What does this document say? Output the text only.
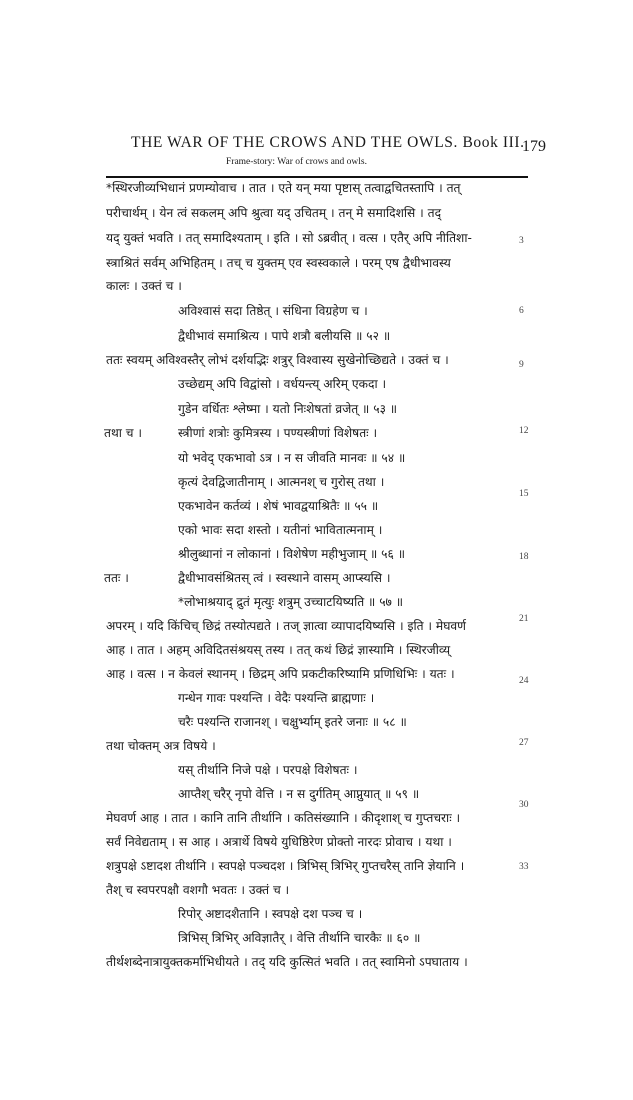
THE WAR OF THE CROWS AND THE OWLS. Book III.
179
Frame-story: War of crows and owls.
*स्थिरजीव्यभिधानं प्रणम्योवाच । तात । एते यन् मया पृष्टास् तत्वाद्वचितस्तापि । तत्
परीचार्थम् । येन त्वं सकलम् अपि श्रुत्वा यद् उचितम् । तन् मे समादिशसि । तद्
यद् युक्तं भवति । तत् समादिश्यताम् । इति । सो ऽब्रवीत् । वत्स । एतैर् अपि नीतिशा-
स्त्राश्रितं सर्वम् अभिहितम् । तच् च युक्तम् एव स्वस्वकाले । परम् एष द्वैधीभावस्य
कालः । उक्तं च ।
अविश्वासं सदा तिष्ठेत् । संधिना विग्रहेण च ।
द्वैधीभावं समाश्रित्य । पापे शत्रौ बलीयसि ॥ ५२ ॥
ततः स्वयम् अविश्वस्तैर् लोभं दर्शयद्भिः शत्रुर् विश्वास्य सुखेनोच्छिद्यते । उक्तं च ।
उच्छेद्यम् अपि विद्वांसो । वर्धयन्त्य् अरिम् एकदा ।
गुडेन वर्धितः श्लेष्मा । यतो निःशेषतां व्रजेत् ॥ ५३ ॥
स्त्रीणां शत्रोः कुमित्रस्य । पण्यस्त्रीणां विशेषतः ।
यो भवेद् एकभावो ऽत्र । न स जीवति मानवः ॥ ५४ ॥
कृत्यं देवद्विजातीनाम् । आत्मनश् च गुरोस् तथा ।
एकभावेन कर्तव्यं । शेषं भावद्वयाश्रितैः ॥ ५५ ॥
एको भावः सदा शस्तो । यतीनां भावितात्मनाम् ।
श्रीलुब्धानां न लोकानां । विशेषेण महीभुजाम् ॥ ५६ ॥
द्वैधीभावसंश्रितस् त्वं । स्वस्थाने वासम् आप्स्यसि ।
*लोभाश्रयाद् द्रुतं मृत्युः शत्रुम् उच्चाटयिष्यति ॥ ५७ ॥
अपरम् । यदि किंचिच् छिद्रं तस्योत्पद्यते । तज् ज्ञात्वा व्यापादयिष्यसि । इति । मेघवर्ण
आह । तात । अहम् अविदितसंश्रयस् तस्य । तत् कथं छिद्रं ज्ञास्यामि । स्थिरजीव्य्
आह । वत्स । न केवलं स्थानम् । छिद्रम् अपि प्रकटीकरिष्यामि प्रणिधिभिः । यतः ।
गन्धेन गावः पश्यन्ति । वेदैः पश्यन्ति ब्राह्मणाः ।
चरैः पश्यन्ति राजानश् । चक्षुर्भ्याम् इतरे जनाः ॥ ५८ ॥
तथा चोक्तम् अत्र विषये ।
यस् तीर्थानि निजे पक्षे । परपक्षे विशेषतः ।
आप्तैश् चरैर् नृपो वेत्ति । न स दुर्गतिम् आप्नुयात् ॥ ५९ ॥
मेघवर्ण आह । तात । कानि तानि तीर्थानि । कतिसंख्यानि । कीदृशाश् च गुप्तचराः ।
सर्वं निवेद्यताम् । स आह । अत्रार्थे विषये युधिष्ठिरेण प्रोक्तो नारदः प्रोवाच । यथा ।
शत्रुपक्षे ऽष्टादश तीर्थानि । स्वपक्षे पञ्चदश । त्रिभिस् त्रिभिर् गुप्तचरैस् तानि ज्ञेयानि ।
तैश् च स्वपरपक्षौ वशगौ भवतः । उक्तं च ।
रिपोर् अष्टादशैतानि । स्वपक्षे दश पञ्च च ।
त्रिभिस् त्रिभिर् अविज्ञातैर् । वेत्ति तीर्थानि चारकैः ॥ ६० ॥
तीर्थशब्देनात्रायुक्तकर्माभिधीयते । तद् यदि कुत्सितं भवति । तत् स्वामिनो ऽपघाताय ।
तथा च ।
ततः ।
3
6
9
12
15
18
21
24
27
30
33
